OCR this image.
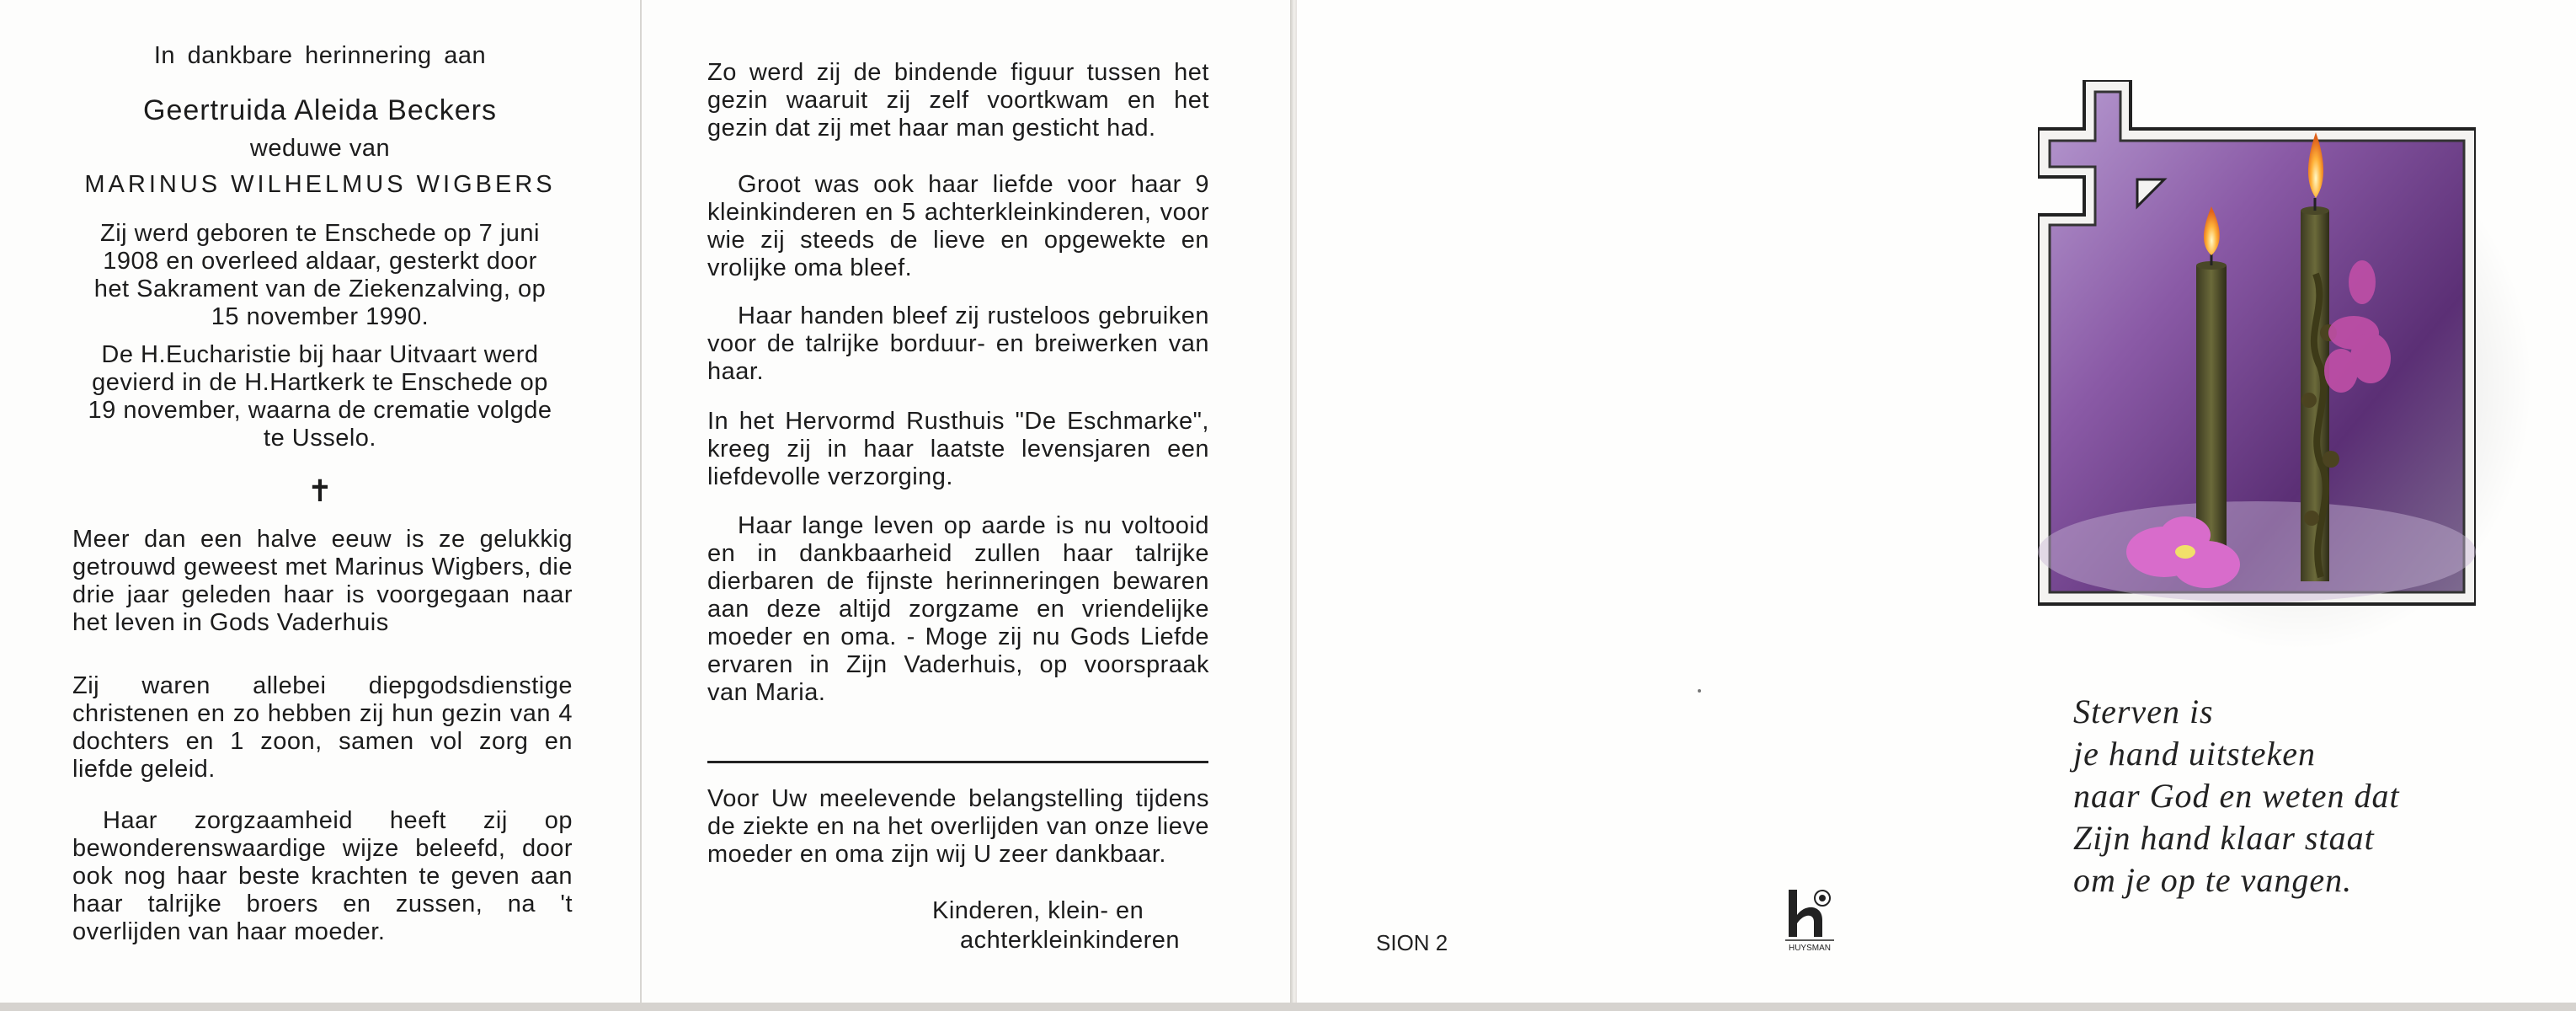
In dankbare herinnering aan

Geertruida Aleida Beckers

weduwe van

MARINUS WILHELMUS WIGBERS

Zij werd geboren te Enschede op 7 juni 1908 en overleed aldaar, gesterkt door het Sakrament van de Ziekenzalving, op 15 november 1990.

De H.Eucharistie bij haar Uitvaart werd gevierd in de H.Hartkerk te Enschede op 19 november, waarna de crematie volgde te Usselo.

✝

Meer dan een halve eeuw is ze gelukkig getrouwd geweest met Marinus Wigbers, die drie jaar geleden haar is voorgegaan naar het leven in Gods Vaderhuis

Zij waren allebei diepgodsdienstige christenen en zo hebben zij hun gezin van 4 dochters en 1 zoon, samen vol zorg en liefde geleid.

Haar zorgzaamheid heeft zij op bewonderenswaardige wijze beleefd, door ook nog haar beste krachten te geven aan haar talrijke broers en zussen, na 't overlijden van haar moeder.

Zo werd zij de bindende figuur tussen het gezin waaruit zij zelf voortkwam en het gezin dat zij met haar man gesticht had.

Groot was ook haar liefde voor haar 9 kleinkinderen en 5 achterkleinkinderen, voor wie zij steeds de lieve en opgewekte en vrolijke oma bleef.

Haar handen bleef zij rusteloos gebruiken voor de talrijke borduur- en breiwerken van haar.

In het Hervormd Rusthuis "De Eschmarke", kreeg zij in haar laatste levensjaren een liefdevolle verzorging.

Haar lange leven op aarde is nu voltooid en in dankbaarheid zullen haar talrijke dierbaren de fijnste herinneringen bewaren aan deze altijd zorgzame en vriendelijke moeder en oma. - Moge zij nu Gods Liefde ervaren in Zijn Vaderhuis, op voorspraak van Maria.

Voor Uw meelevende belangstelling tijdens de ziekte en na het overlijden van onze lieve moeder en oma zijn wij U zeer dankbaar.

Kinderen, klein- en

achterkleinkinderen

Sterven is
je hand uitsteken
naar God en weten dat
Zijn hand klaar staat
om je op te vangen.
SION 2	HUYSMAN
